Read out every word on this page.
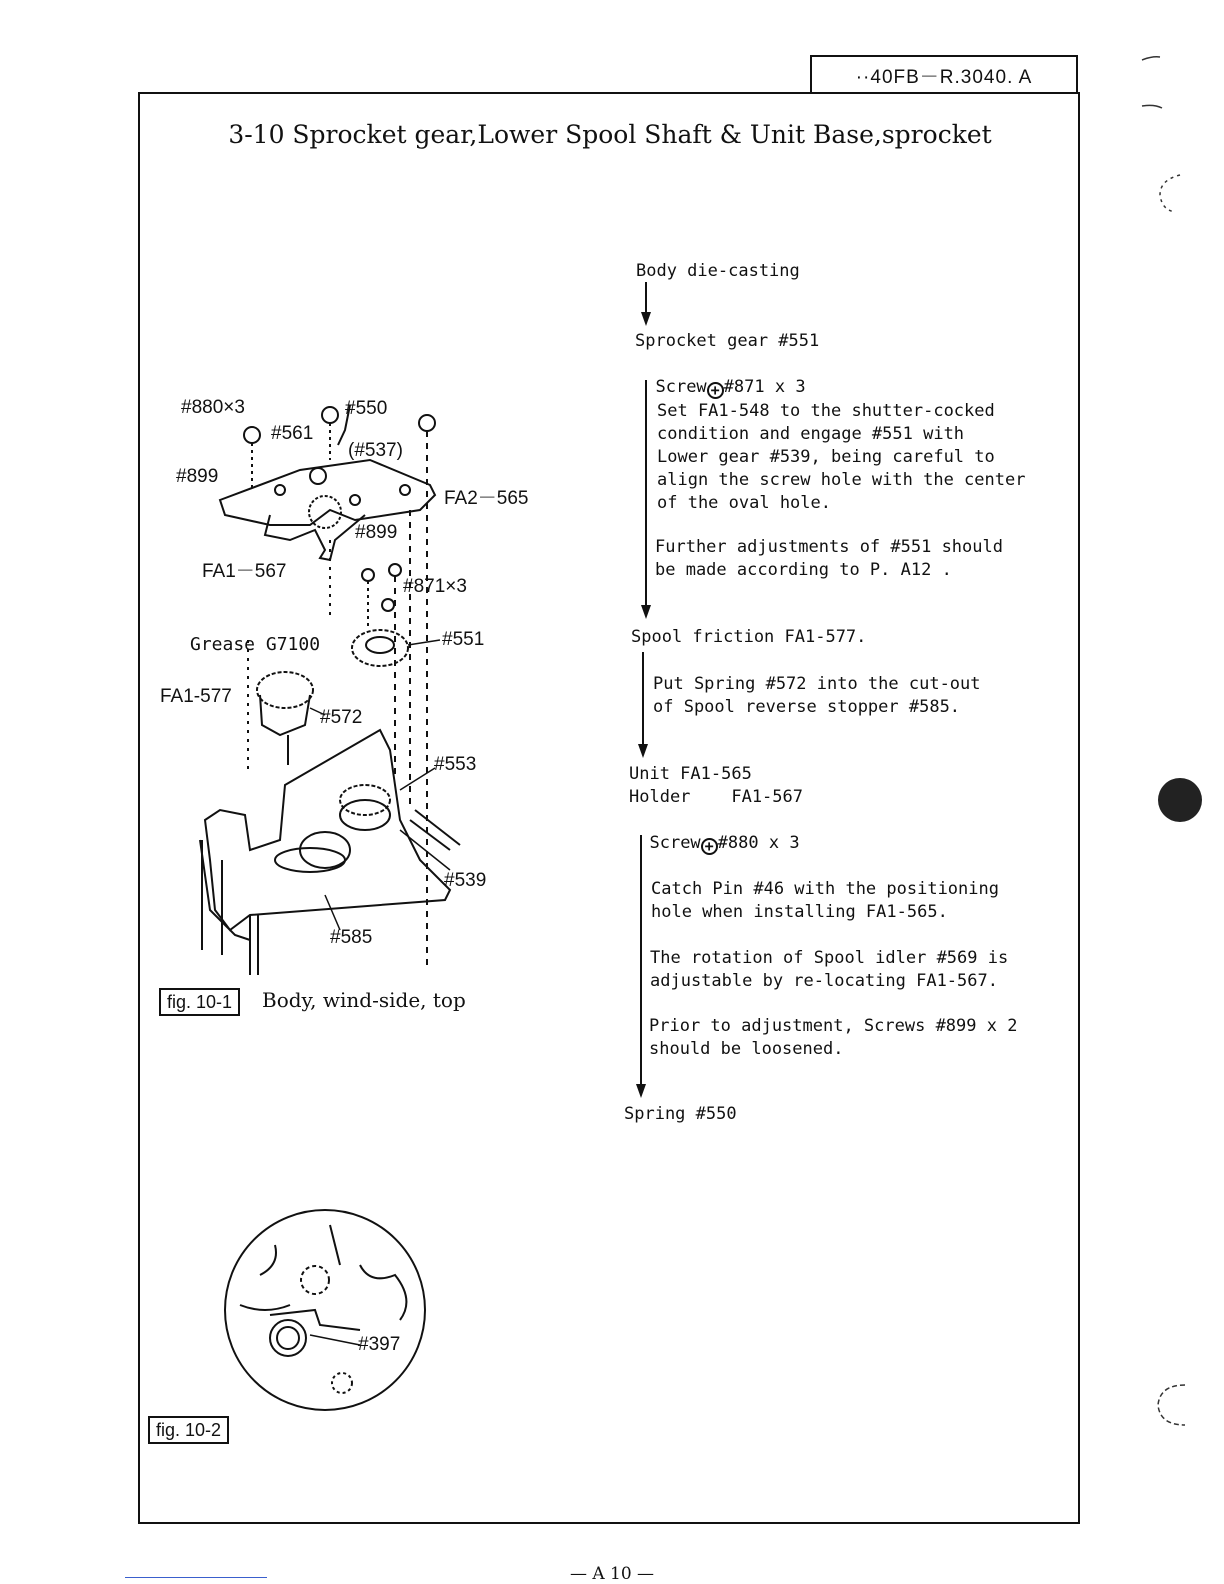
··40FB－R.3040. A
3-10 Sprocket gear,Lower Spool Shaft & Unit Base,sprocket
#880×3	#550
#561
(#537)
#899
FA2－565
#899
FA1－567
#871×3
Grease G7100	#551
FA1-577
#572
#553
#539
#585
fig. 10-1	Body, wind-side, top
#397
fig. 10-2
Body die-casting
Sprocket gear #551

Screw + #871 x 3

Set FA1-548 to the shutter-cocked
condition and engage #551 with
Lower gear #539, being careful to
align the screw hole with the center
of the oval hole.
Further adjustments of #551 should
be made according to P. A12 .
Spool friction FA1-577.
Put Spring #572 into the cut-out
of Spool reverse stopper #585.
Unit FA1-565
Holder    FA1-567

Screw + #880 x 3

Catch Pin #46 with the positioning
hole when installing FA1-565.
The rotation of Spool idler #569 is
adjustable by re-locating FA1-567.
Prior to adjustment, Screws #899 x 2
should be loosened.
Spring #550
— A 10 —
